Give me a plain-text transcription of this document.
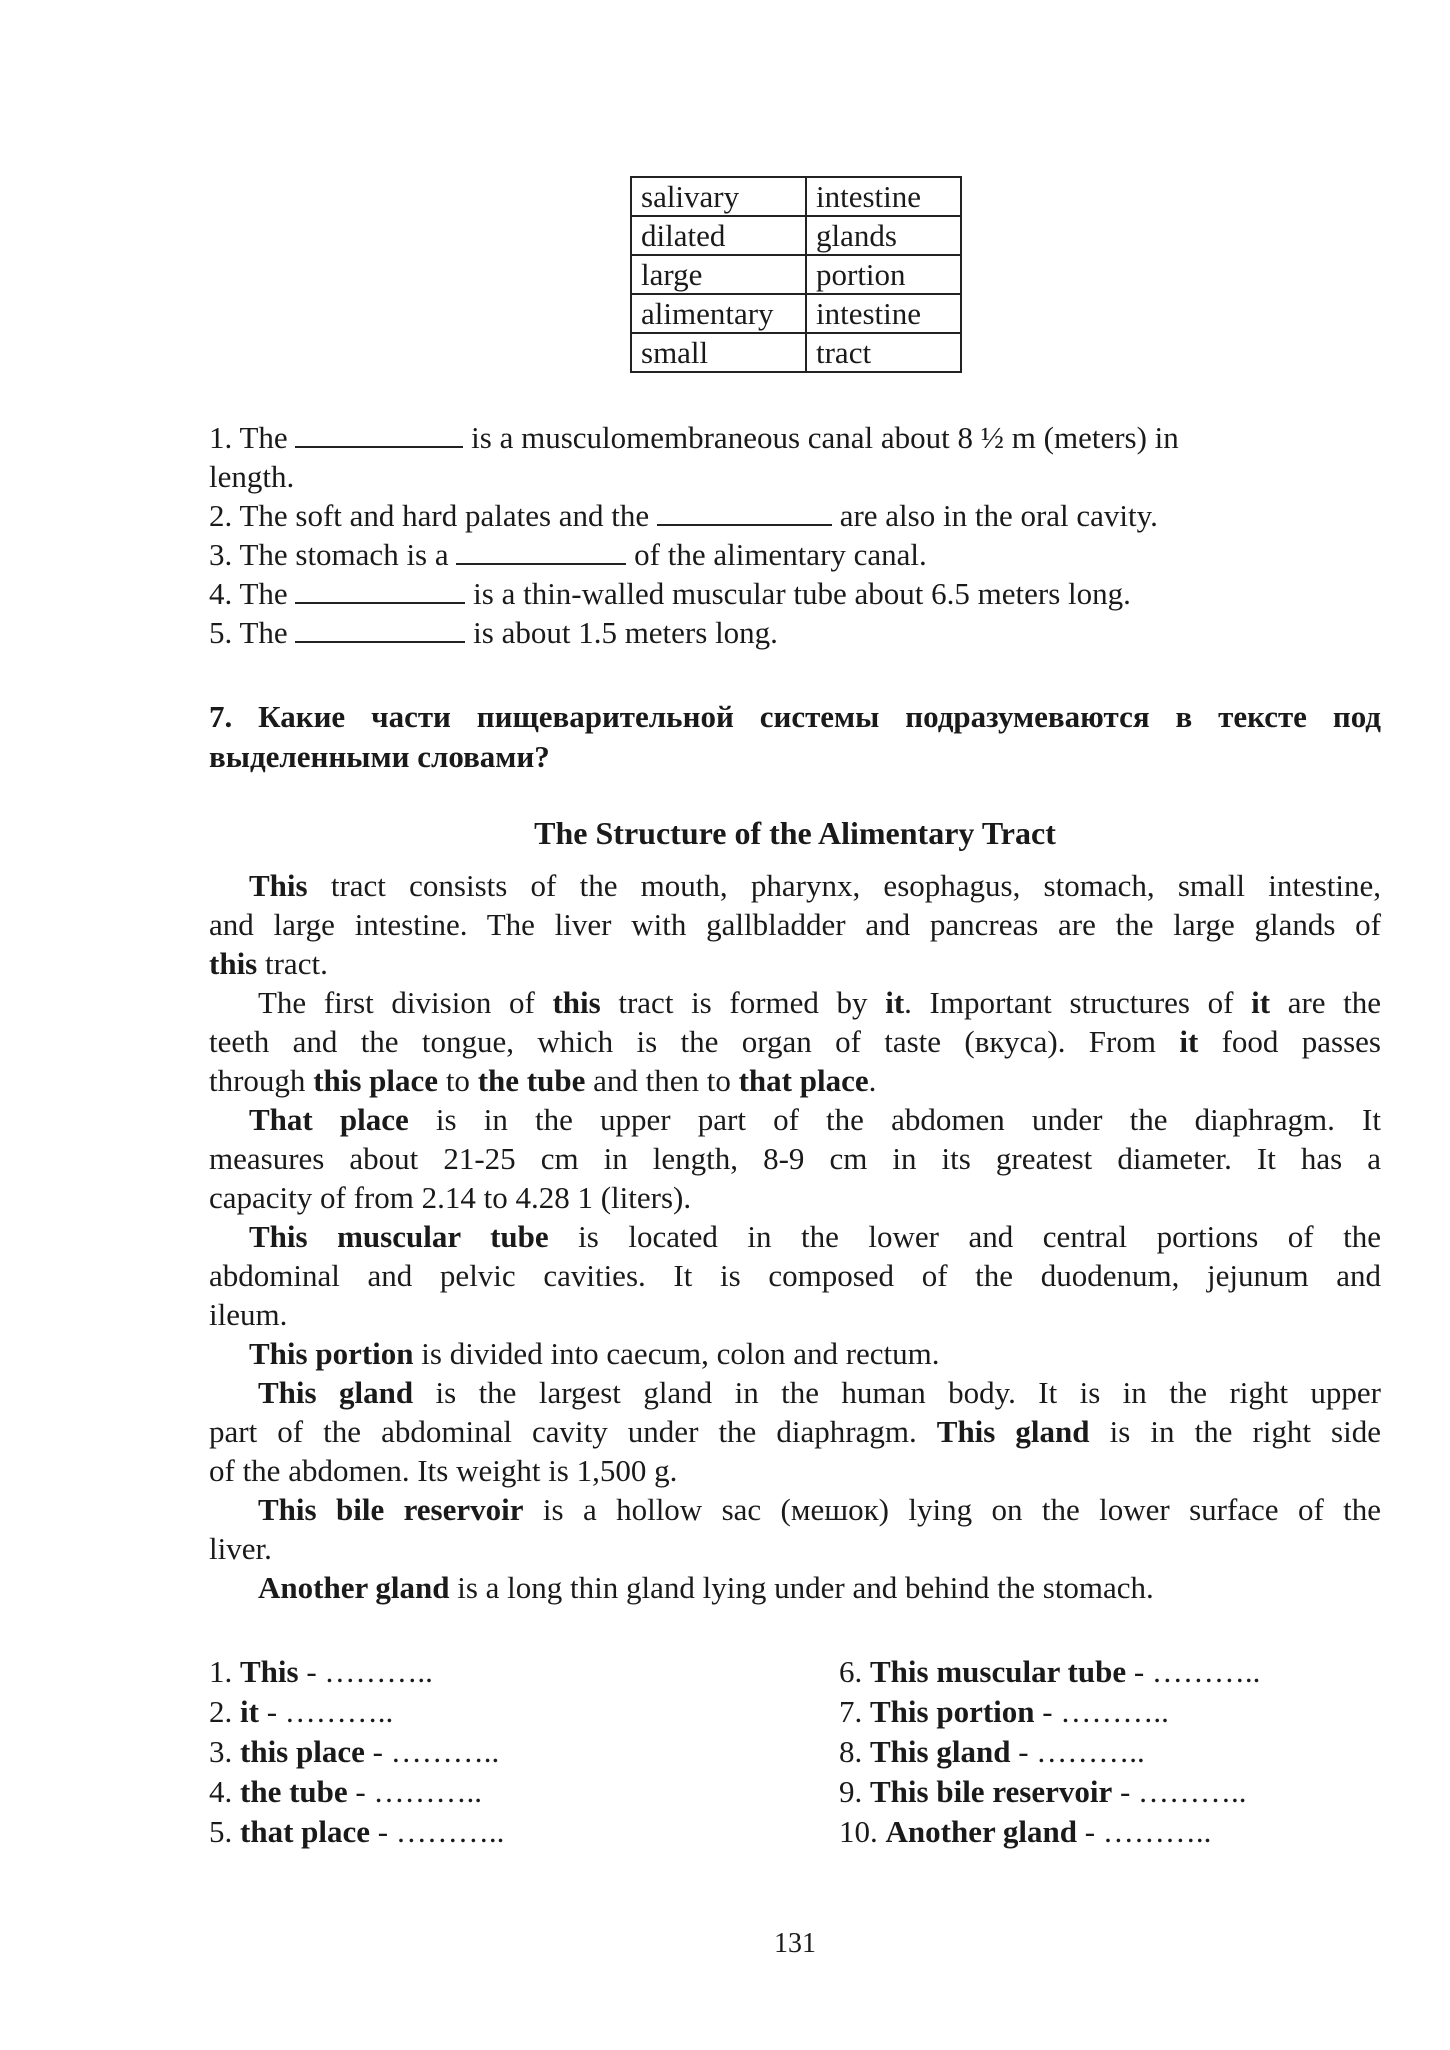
salivary	intestine
dilated	glands
large	portion
alimentary	intestine
small	tract
1. The	is a musculomembraneous canal about 8 ½ m (meters) in
length.
2. The soft and hard palates and the	are also in the oral cavity.
3. The stomach is a	of the alimentary canal.
4. The	is a thin-walled muscular tube about 6.5 meters long.
5. The	is about 1.5 meters long.
7. Какие части пищеварительной системы подразумеваются в тексте под выделенными словами?
The Structure of the Alimentary Tract
This tract consists of the mouth, pharynx, esophagus, stomach, small intestine,
and large intestine. The liver with gallbladder and pancreas are the large glands of
this tract.
The first division of this tract is formed by it. Important structures of it are the
teeth and the tongue, which is the organ of taste (вкуса). From it food passes
through this place to the tube and then to that place.
That place is in the upper part of the abdomen under the diaphragm. It
measures about 21-25 cm in length, 8-9 cm in its greatest diameter. It has a
capacity of from 2.14 to 4.28 1 (liters).
This muscular tube is located in the lower and central portions of the
abdominal and pelvic cavities. It is composed of the duodenum, jejunum and
ileum.
This portion is divided into caecum, colon and rectum.
This gland is the largest gland in the human body. It is in the right upper
part of the abdominal cavity under the diaphragm. This gland is in the right side
of the abdomen. Its weight is 1,500 g.
This bile reservoir is a hollow sac (мешок) lying on the lower surface of the
liver.
Another gland is a long thin gland lying under and behind the stomach.
1. This - ………..
2. it - ………..
3. this place - ………..
4. the tube - ………..
5. that place - ………..
6. This muscular tube - ………..
7. This portion - ………..
8. This gland - ………..
9. This bile reservoir - ………..
10. Another gland - ………..
131
